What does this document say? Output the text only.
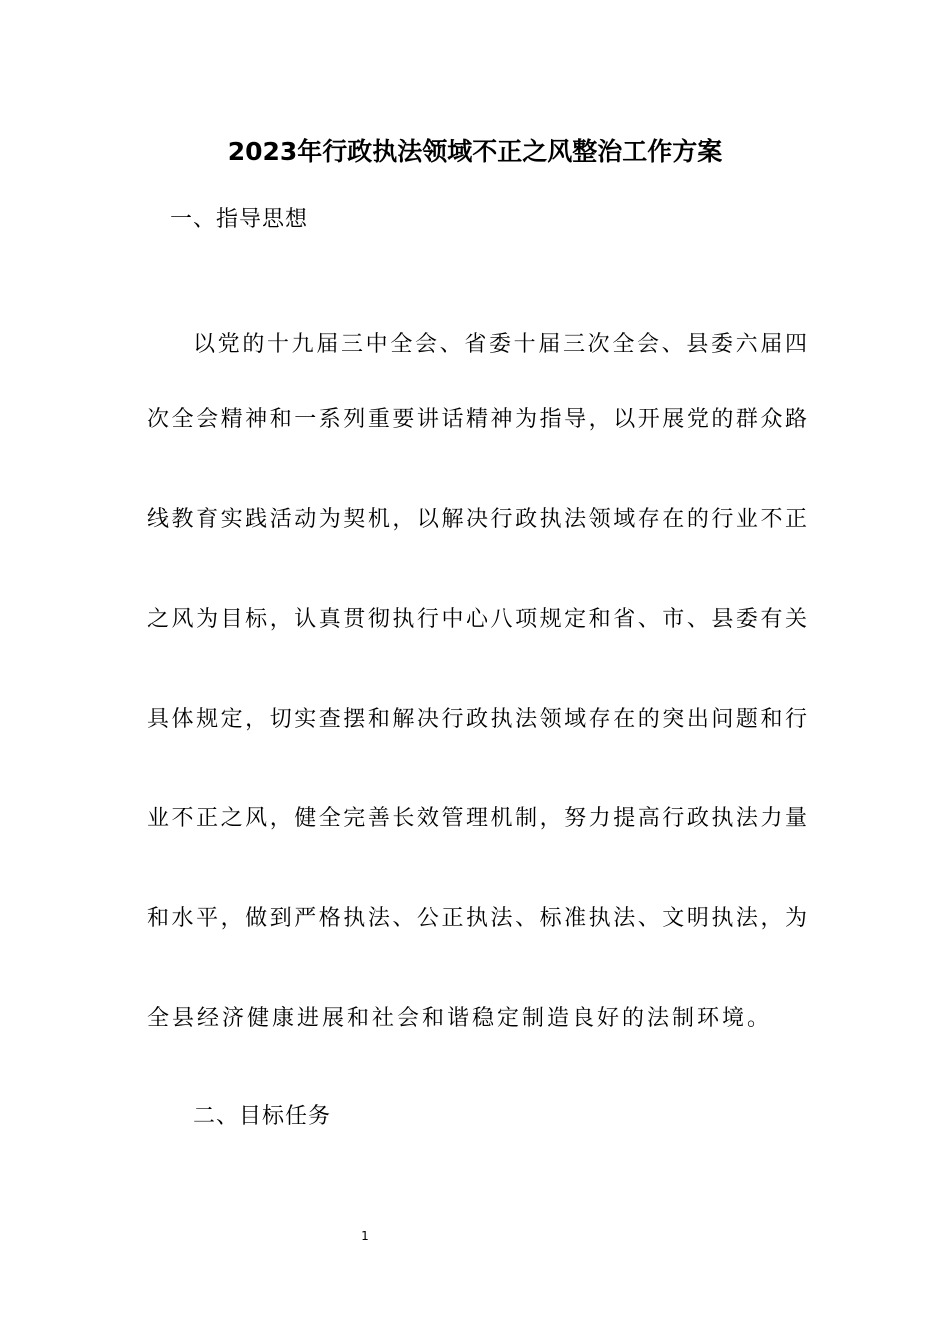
2023年行政执法领域不正之风整治工作方案
一、指导思想
以党的十九届三中全会、省委十届三次全会、县委六届四
次全会精神和一系列重要讲话精神为指导，以开展党的群众路
线教育实践活动为契机，以解决行政执法领域存在的行业不正
之风为目标，认真贯彻执行中心八项规定和省、市、县委有关
具体规定，切实查摆和解决行政执法领域存在的突出问题和行
业不正之风，健全完善长效管理机制，努力提高行政执法力量
和水平，做到严格执法、公正执法、标准执法、文明执法，为
全县经济健康进展和社会和谐稳定制造良好的法制环境。
二、目标任务
1
